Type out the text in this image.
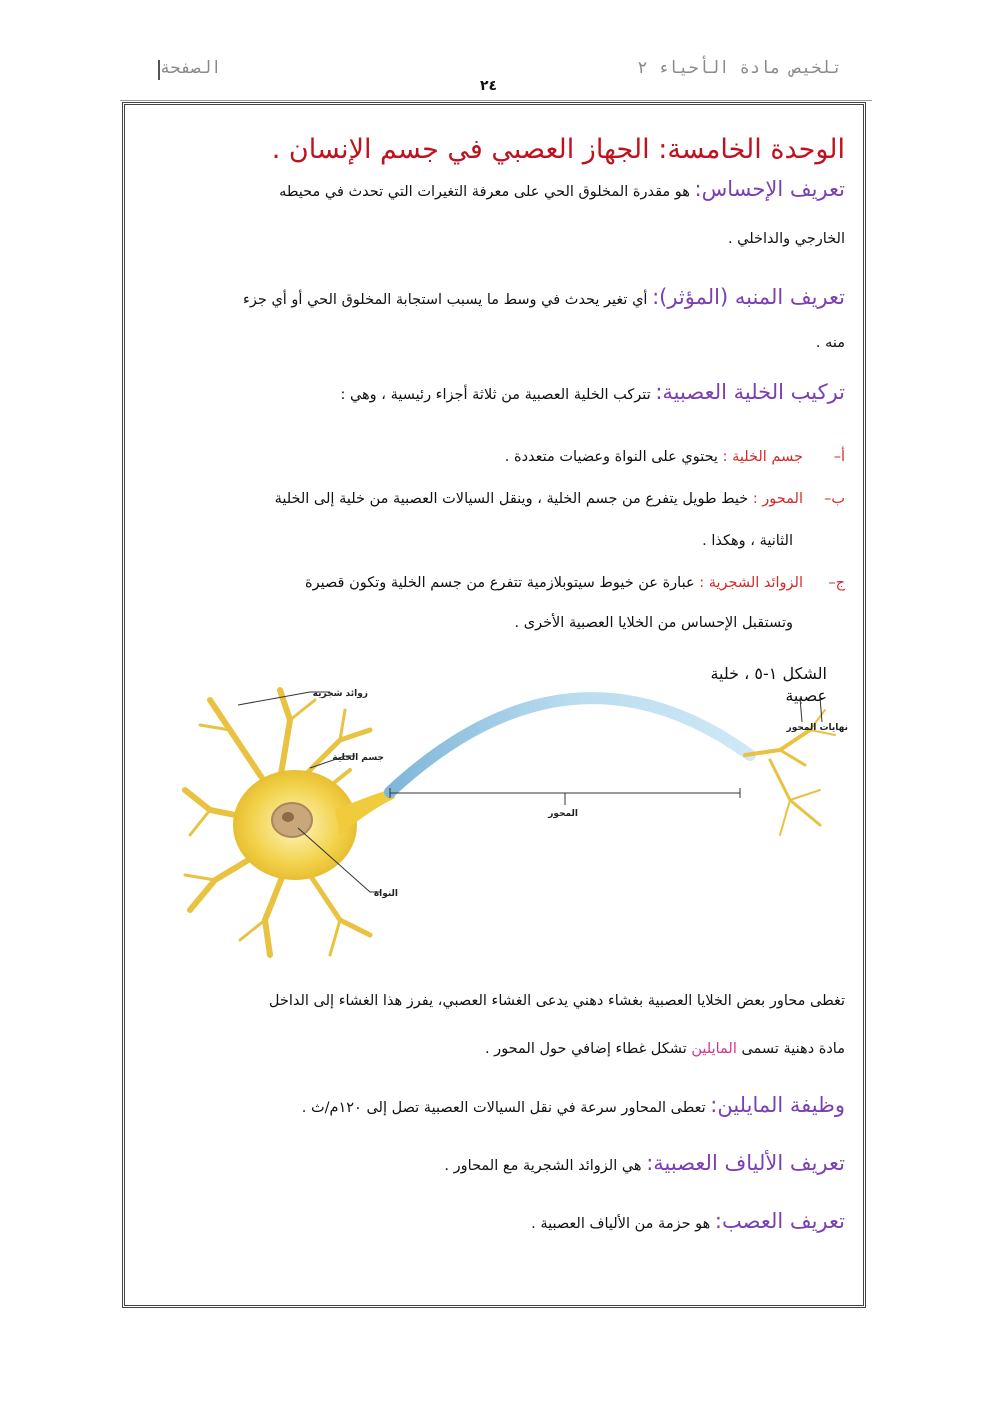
تلخيص مادة الأحياء ٢
الصفحة
٢٤
الوحدة الخامسة: الجهاز العصبي في جسم الإنسان .
تعريف الإحساس: هو مقدرة المخلوق الحي على معرفة التغيرات التي تحدث في محيطه
الخارجي والداخلي .
تعريف المنبه (المؤثر): أي تغير يحدث في وسط ما يسبب استجابة المخلوق الحي أو أي جزء
منه .
تركيب الخلية العصبية: تتركب الخلية العصبية من ثلاثة أجزاء رئيسية ، وهي :
أ–جسم الخلية : يحتوي على النواة وعضيات متعددة .
ب–المحور : خيط طويل يتفرع من جسم الخلية ، وينقل السيالات العصبية من خلية إلى الخلية
الثانية ، وهكذا .
ج–الزوائد الشجرية : عبارة عن خيوط سيتوبلازمية تتفرع من جسم الخلية وتكون قصيرة
وتستقبل الإحساس من الخلايا العصبية الأخرى .
الشكل ١-٥ ، خلية
عصبية
زوائد شجرية
جسم الخلية
النواة
المحور
نهايات المحور
تغطى محاور بعض الخلايا العصبية بغشاء دهني يدعى الغشاء العصبي، يفرز هذا الغشاء إلى الداخل
مادة دهنية تسمى المايلين تشكل غطاء إضافي حول المحور .
وظيفة المايلين: تعطى المحاور سرعة في نقل السيالات العصبية تصل إلى ١٢٠م/ث .
تعريف الألياف العصبية: هي الزوائد الشجرية مع المحاور .
تعريف العصب: هو حزمة من الألياف العصبية .
